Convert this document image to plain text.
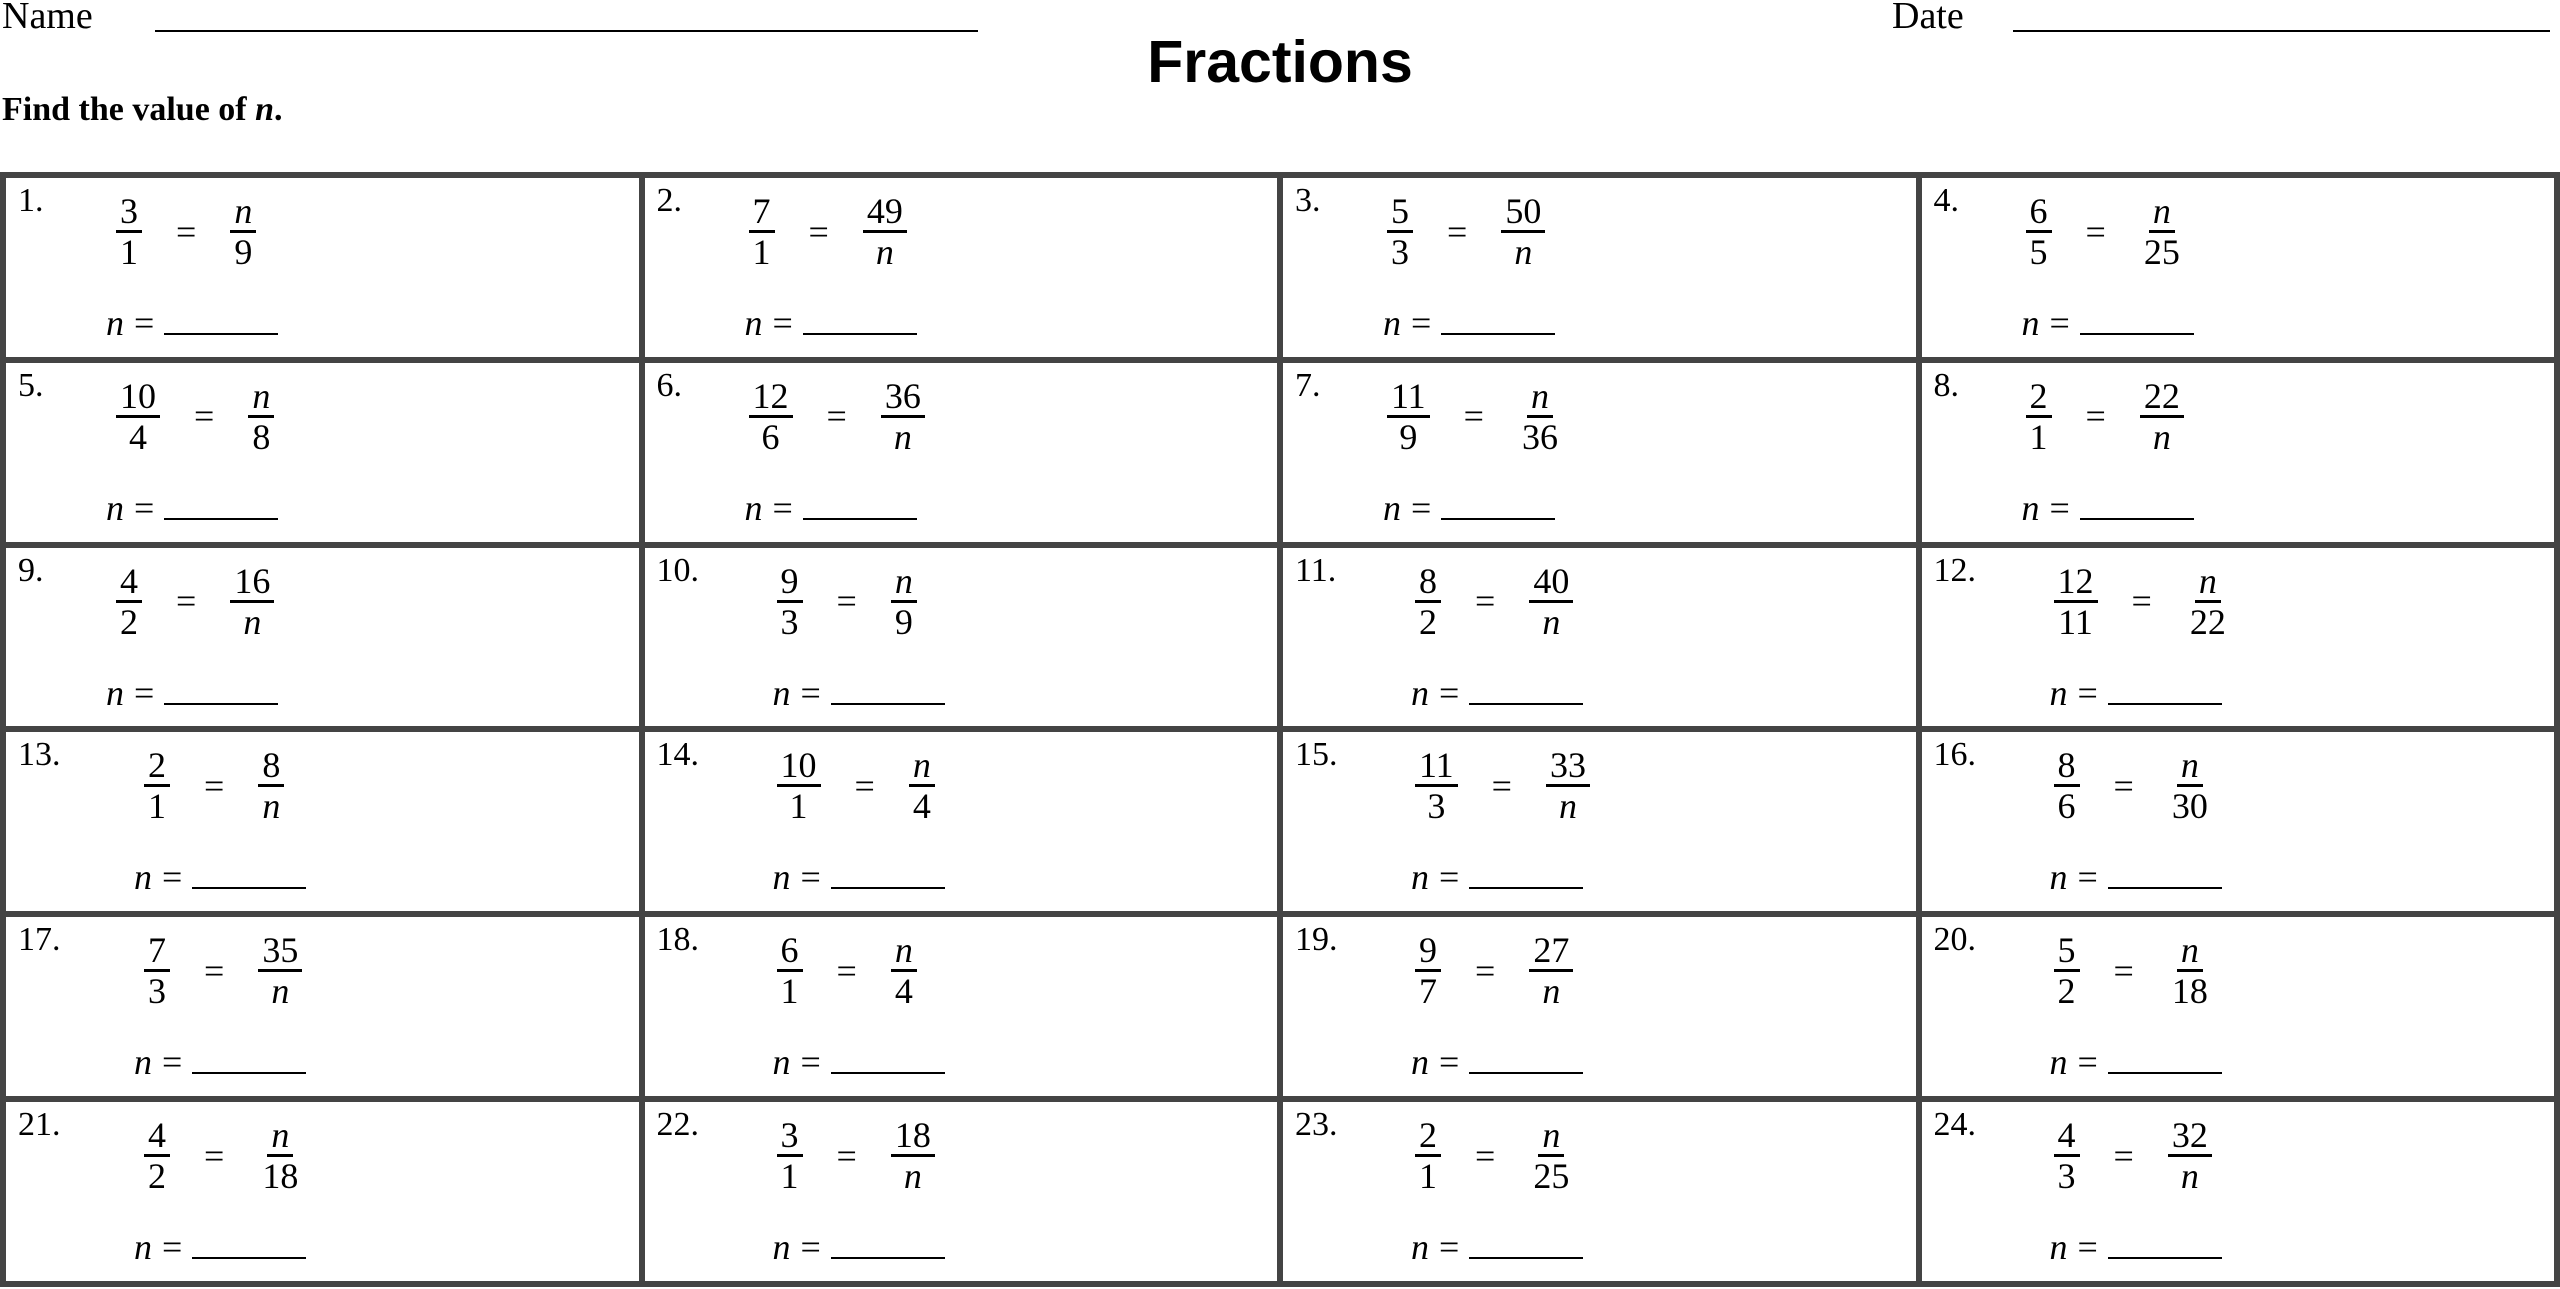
Name	Date
Fractions
Find the value of n.
1. $\frac{3}{1} = \frac{n}{9}$
n =
2. $\frac{7}{1} = \frac{49}{n}$
n =
3. $\frac{5}{3} = \frac{50}{n}$
n =
4. $\frac{6}{5} = \frac{n}{25}$
n =
5. $\frac{10}{4} = \frac{n}{8}$
n =
6. $\frac{12}{6} = \frac{36}{n}$
n =
7. $\frac{11}{9} = \frac{n}{36}$
n =
8. $\frac{2}{1} = \frac{22}{n}$
n =
9. $\frac{4}{2} = \frac{16}{n}$
n =
10. $\frac{9}{3} = \frac{n}{9}$
n =
11. $\frac{8}{2} = \frac{40}{n}$
n =
12. $\frac{12}{11} = \frac{n}{22}$
n =
13. $\frac{2}{1} = \frac{8}{n}$
n =
14. $\frac{10}{1} = \frac{n}{4}$
n =
15. $\frac{11}{3} = \frac{33}{n}$
n =
16. $\frac{8}{6} = \frac{n}{30}$
n =
17. $\frac{7}{3} = \frac{35}{n}$
n =
18. $\frac{6}{1} = \frac{n}{4}$
n =
19. $\frac{9}{7} = \frac{27}{n}$
n =
20. $\frac{5}{2} = \frac{n}{18}$
n =
21. $\frac{4}{2} = \frac{n}{18}$
n =
22. $\frac{3}{1} = \frac{18}{n}$
n =
23. $\frac{2}{1} = \frac{n}{25}$
n =
24. $\frac{4}{3} = \frac{32}{n}$
n =
